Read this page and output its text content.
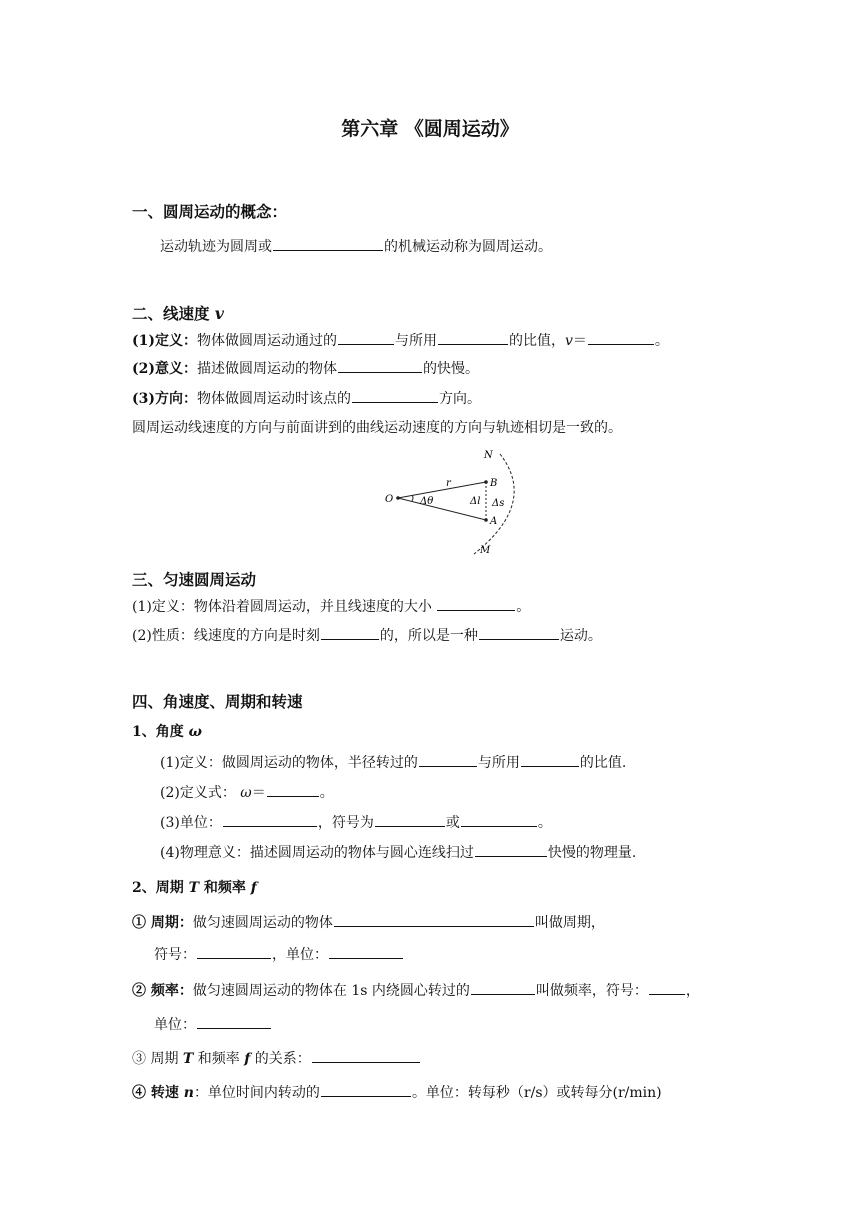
第六章 《圆周运动》
一、圆周运动的概念：
运动轨迹为圆周或	的机械运动称为圆周运动。
二、线速度 v
(1)定义：物体做圆周运动通过的	与所用	的比值，v＝	。
(2)意义：描述做圆周运动的物体	的快慢。
(3)方向：物体做圆周运动时该点的	方向。
圆周运动线速度的方向与前面讲到的曲线运动速度的方向与轨迹相切是一致的。
O
B
A
N
M
r
Δθ	Δl Δs
三、匀速圆周运动
(1)定义：物体沿着圆周运动，并且线速度的大小	。
(2)性质：线速度的方向是时刻	的，所以是一种	运动。
四、角速度、周期和转速
1、角度 ω
(1)定义：做圆周运动的物体，半径转过的	与所用	的比值.
(2)定义式： ω＝	。
(3)单位：	，符号为	或	。
(4)物理意义：描述圆周运动的物体与圆心连线扫过	快慢的物理量.
2、周期 T 和频率 f
① 周期：做匀速圆周运动的物体	叫做周期，
符号：	，单位：
② 频率：做匀速圆周运动的物体在 1s 内绕圆心转过的	叫做频率，符号：	，
单位：
③ 周期 T 和频率 f 的关系：
④ 转速 n：单位时间内转动的	。单位：转每秒（r/s）或转每分(r/min)
